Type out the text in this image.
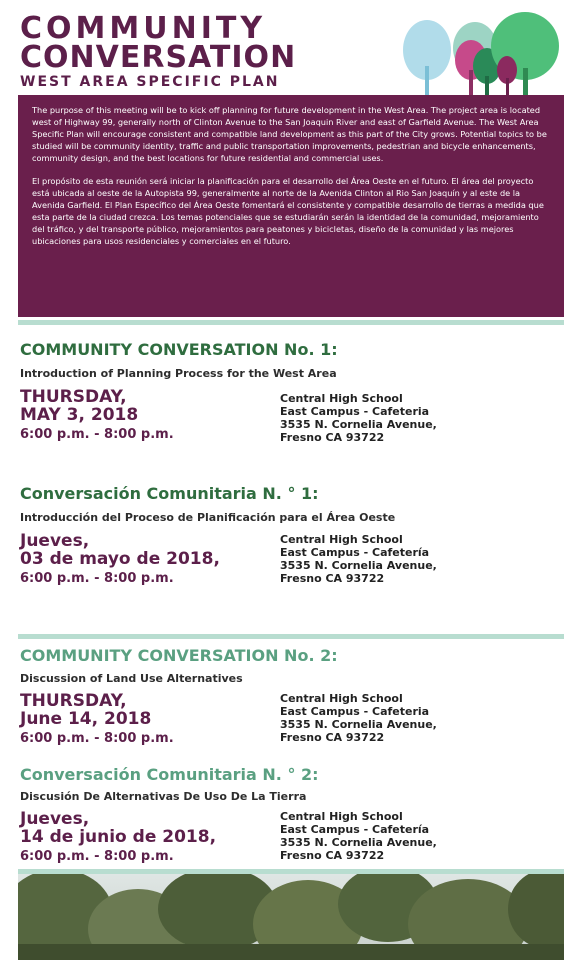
COMMUNITY
CONVERSATION
WEST AREA SPECIFIC PLAN

The purpose of this meeting will be to kick off planning for future development in the West Area. The project area is located west of Highway 99, generally north of Clinton Avenue to the San Joaquin River and east of Garfield Avenue. The West Area Specific Plan will encourage consistent and compatible land development as this part of the City grows. Potential topics to be studied will be community identity, traffic and public transportation improvements, pedestrian and bicycle enhancements, community design, and the best locations for future residential and commercial uses.

El propósito de esta reunión será iniciar la planificación para el desarrollo del Área Oeste en el futuro. El área del proyecto está ubicada al oeste de la Autopista 99, generalmente al norte de la Avenida Clinton al Rio San Joaquín y al este de la Avenida Garfield. El Plan Específico del Área Oeste fomentará el consistente y compatible desarrollo de tierras a medida que esta parte de la ciudad crezca. Los temas potenciales que se estudiarán serán la identidad de la comunidad, mejoramiento del tráfico, y del transporte público, mejoramientos para peatones y bicicletas, diseño de la comunidad y las mejores ubicaciones para usos residenciales y comerciales en el futuro.

COMMUNITY CONVERSATION No. 1:
Introduction of Planning Process for the West Area
THURSDAY,
MAY 3, 2018
6:00 p.m. - 8:00 p.m.
Central High School
East Campus - Cafeteria
3535 N. Cornelia Avenue,
Fresno CA 93722
Conversación Comunitaria N. ° 1:
Introducción del Proceso de Planificación para el Área Oeste
Jueves,
03 de mayo de 2018,
6:00 p.m. - 8:00 p.m.
Central High School
East Campus - Cafetería
3535 N. Cornelia Avenue,
Fresno CA 93722
COMMUNITY CONVERSATION No. 2:
Discussion of Land Use Alternatives
THURSDAY,
June 14, 2018
6:00 p.m. - 8:00 p.m.
Central High School
East Campus - Cafeteria
3535 N. Cornelia Avenue,
Fresno CA 93722
Conversación Comunitaria N. ° 2:
Discusión De Alternativas De Uso De La Tierra
Jueves,
14 de junio de 2018,
6:00 p.m. - 8:00 p.m.
Central High School
East Campus - Cafetería
3535 N. Cornelia Avenue,
Fresno CA 93722
